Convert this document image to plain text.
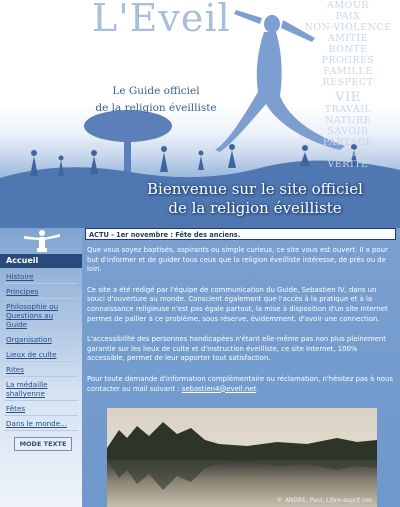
L'Eveil
Le Guide officiel
de la religion éveilliste
AMOUR
PAIX
NON-VIOLENCE
AMITIE
BONTE
PROGRES
FAMILLE
RESPECT
VIE
TRAVAIL
NATURE
SAVOIR
PARTAGE
SAVOIR
VERITE
Bienvenue sur le site officiel
de la religion éveilliste
Accueil
Histoire
Principes
Philosophie ou Questions au Guide
Organisation
Lieux de culte
Rites
La médaille shallyenne
Fêtes
Dans le monde...
MODE TEXTE
ACTU - 1er novembre : Fête des anciens.

Que vous soyez baptisés, aspirants ou simple curieux, ce site vous est ouvert. Il a pour but d'informer et de guider tous ceux que la religion éveilliste intéresse, de près ou de loin.

Ce site a été rédigé par l'équipe de communication du Guide, Sebastien IV, dans un souci d'ouverture au monde. Conscient également que l'accès à la pratique et à la connaissance religieuse n'est pas égale partout, la mise à disposition d'un site Internet permet de pallier à ce problème, sous réserve, évidemment, d'avoir une connection.

L'accessibilité des personnes handicapées n'étant elle-même pas non plus pleinement garantie sur les lieux de culte et d'instruction éveilliste, ce site Internet, 100% accessible, permet de leur apporter tout satisfaction.

Pour toute demande d'information complémentaire ou réclamation, n'hésitez pas à nous contacter au mail suivant : sebastien4@eveil.net.

© ANDRE, Paul, Libre-esprit.net
